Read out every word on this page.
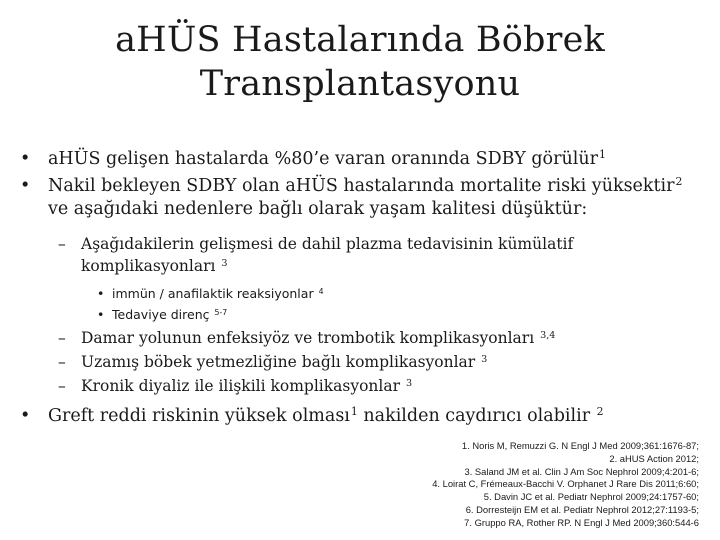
aHÜS Hastalarında Böbrek
Transplantasyonu
• aHÜS gelişen hastalarda %80’e varan oranında SDBY görülür$^1$
• Nakil bekleyen SDBY olan aHÜS hastalarında mortalite riski yüksektir$^2$
ve aşağıdaki nedenlere bağlı olarak yaşam kalitesi düşüktür:
– Aşağıdakilerin gelişmesi de dahil plazma tedavisinin kümülatif
komplikasyonları $^3$
• immün / anafilaktik reaksiyonlar $^4$
• Tedaviye direnç $^{5-7}$
– Damar yolunun enfeksiyöz ve trombotik komplikasyonları $^{3,4}$
– Uzamış böbek yetmezliğine bağlı komplikasyonlar $^3$
– Kronik diyaliz ile ilişkili komplikasyonlar $^3$
• Greft reddi riskinin yüksek olması$^1$ nakilden caydırıcı olabilir $^2$
1. Noris M, Remuzzi G. N Engl J Med 2009;361:1676-87;
2. aHUS Action 2012;
3. Saland JM et al. Clin J Am Soc Nephrol 2009;4:201-6;
4. Loirat C, Frémeaux-Bacchi V. Orphanet J Rare Dis 2011;6:60;
5. Davin JC et al. Pediatr Nephrol 2009;24:1757-60;
6. Dorresteijn EM et al. Pediatr Nephrol 2012;27:1193-5;
7. Gruppo RA, Rother RP. N Engl J Med 2009;360:544-6
